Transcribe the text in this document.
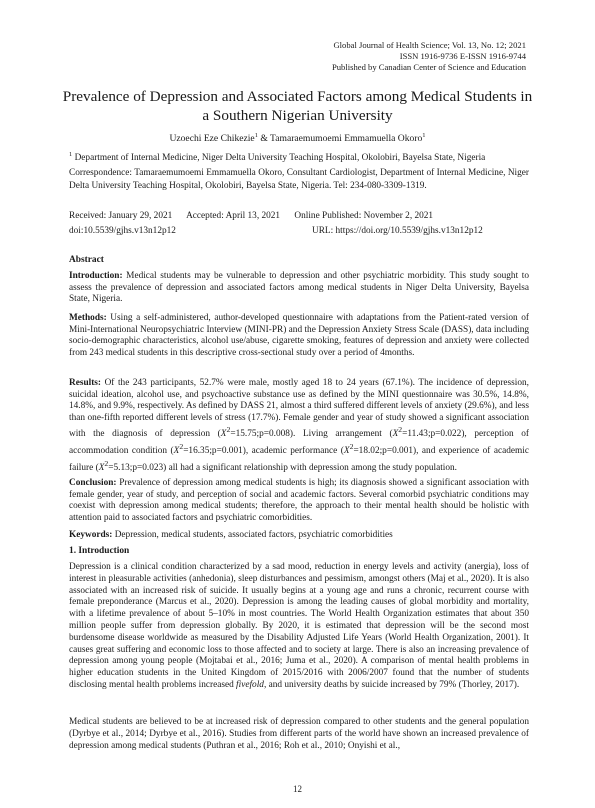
Global Journal of Health Science; Vol. 13, No. 12; 2021
ISSN 1916-9736 E-ISSN 1916-9744
Published by Canadian Center of Science and Education
Prevalence of Depression and Associated Factors among Medical Students in a Southern Nigerian University
Uzoechi Eze Chikezie$^1$ & Tamaraemumoemi Emmamuella Okoro$^1$
$^1$ Department of Internal Medicine, Niger Delta University Teaching Hospital, Okolobiri, Bayelsa State, Nigeria
Correspondence: Tamaraemumoemi Emmamuella Okoro, Consultant Cardiologist, Department of Internal Medicine, Niger Delta University Teaching Hospital, Okolobiri, Bayelsa State, Nigeria. Tel: 234-080-3309-1319.
Received: January 29, 2021 Accepted: April 13, 2021 Online Published: November 2, 2021
doi:10.5539/gjhs.v13n12p12	URL: https://doi.org/10.5539/gjhs.v13n12p12
Abstract
Introduction: Medical students may be vulnerable to depression and other psychiatric morbidity. This study sought to assess the prevalence of depression and associated factors among medical students in Niger Delta University, Bayelsa State, Nigeria.
Methods: Using a self-administered, author-developed questionnaire with adaptations from the Patient-rated version of Mini-International Neuropsychiatric Interview (MINI-PR) and the Depression Anxiety Stress Scale (DASS), data including socio-demographic characteristics, alcohol use/abuse, cigarette smoking, features of depression and anxiety were collected from 243 medical students in this descriptive cross-sectional study over a period of 4months.
Results: Of the 243 participants, 52.7% were male, mostly aged 18 to 24 years (67.1%). The incidence of depression, suicidal ideation, alcohol use, and psychoactive substance use as defined by the MINI questionnaire was 30.5%, 14.8%, 14.8%, and 9.9%, respectively. As defined by DASS 21, almost a third suffered different levels of anxiety (29.6%), and less than one-fifth reported different levels of stress (17.7%). Female gender and year of study showed a significant association with the diagnosis of depression $(X^2=15.75;p=0.008)$. Living arrangement $(X^2=11.43;p=0.022)$, perception of accommodation condition $(X^2=16.35;p=0.001)$, academic performance $(X^2=18.02;p=0.001)$, and experience of academic failure $(X^2=5.13;p=0.023)$ all had a significant relationship with depression among the study population.
Conclusion: Prevalence of depression among medical students is high; its diagnosis showed a significant association with female gender, year of study, and perception of social and academic factors. Several comorbid psychiatric conditions may coexist with depression among medical students; therefore, the approach to their mental health should be holistic with attention paid to associated factors and psychiatric comorbidities.
Keywords: Depression, medical students, associated factors, psychiatric comorbidities
1. Introduction
Depression is a clinical condition characterized by a sad mood, reduction in energy levels and activity (anergia), loss of interest in pleasurable activities (anhedonia), sleep disturbances and pessimism, amongst others (Maj et al., 2020). It is also associated with an increased risk of suicide. It usually begins at a young age and runs a chronic, recurrent course with female preponderance (Marcus et al., 2020). Depression is among the leading causes of global morbidity and mortality, with a lifetime prevalence of about 5–10% in most countries. The World Health Organization estimates that about 350 million people suffer from depression globally. By 2020, it is estimated that depression will be the second most burdensome disease worldwide as measured by the Disability Adjusted Life Years (World Health Organization, 2001). It causes great suffering and economic loss to those affected and to society at large. There is also an increasing prevalence of depression among young people (Mojtabai et al., 2016; Juma et al., 2020). A comparison of mental health problems in higher education students in the United Kingdom of 2015/2016 with 2006/2007 found that the number of students disclosing mental health problems increased fivefold, and university deaths by suicide increased by 79% (Thorley, 2017).
Medical students are believed to be at increased risk of depression compared to other students and the general population (Dyrbye et al., 2014; Dyrbye et al., 2016). Studies from different parts of the world have shown an increased prevalence of depression among medical students (Puthran et al., 2016; Roh et al., 2010; Onyishi et al.,
12
